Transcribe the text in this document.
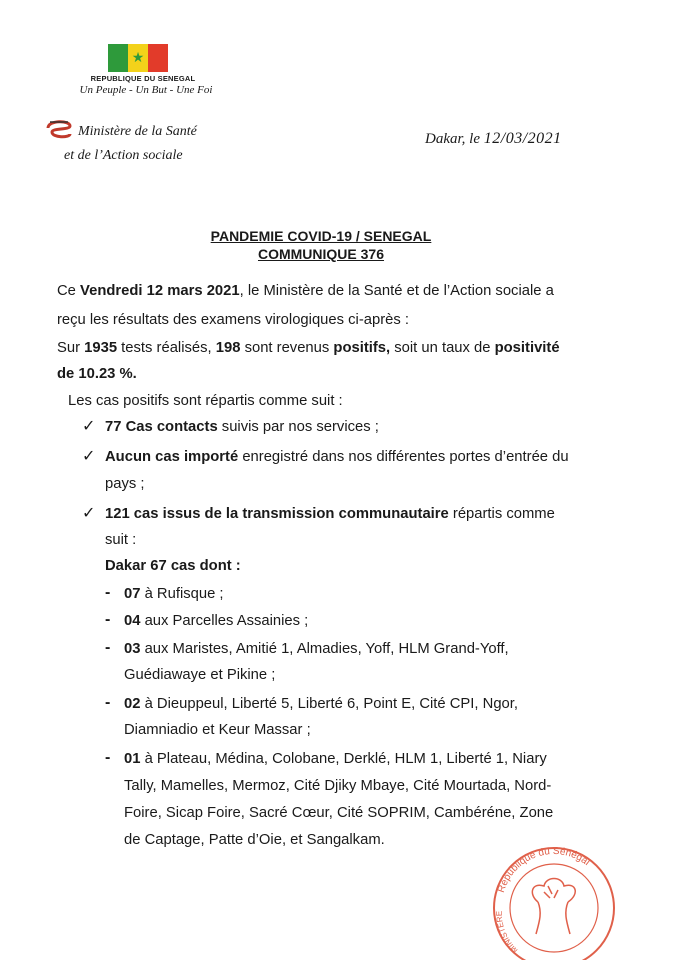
★
REPUBLIQUE DU SENEGAL
Un Peuple - Un But - Une Foi
Ministère de la Santé
et de l’Action sociale
Dakar, le 12/03/2021
PANDEMIE COVID-19 / SENEGAL
COMMUNIQUE 376
Ce Vendredi 12 mars 2021, le Ministère de la Santé et de l’Action sociale a
reçu les résultats des examens virologiques ci-après :
Sur 1935 tests réalisés, 198 sont revenus positifs, soit un taux de positivité
de 10.23 %.
Les cas positifs sont répartis comme suit :
✓ 77 Cas contacts suivis par nos services ;
✓ Aucun cas importé enregistré dans nos différentes portes d’entrée du
pays ;
✓ 121 cas issus de la transmission communautaire répartis comme
suit :
Dakar 67 cas dont :
- 07 à Rufisque ;
- 04 aux Parcelles Assainies ;
- 03 aux Maristes, Amitié 1, Almadies, Yoff, HLM Grand-Yoff,
Guédiawaye et Pikine ;
- 02 à Dieuppeul, Liberté 5, Liberté 6, Point E, Cité CPI, Ngor,
Diamniadio et Keur Massar ;
- 01 à Plateau, Médina, Colobane, Derklé, HLM 1, Liberté 1, Niary
Tally, Mamelles, Mermoz, Cité Djiky Mbaye, Cité Mourtada, Nord-
Foire, Sicap Foire, Sacré Cœur, Cité SOPRIM, Cambéréne, Zone
de Captage, Patte d’Oie, et Sangalkam.
République du Sénégal
MINISTERE
